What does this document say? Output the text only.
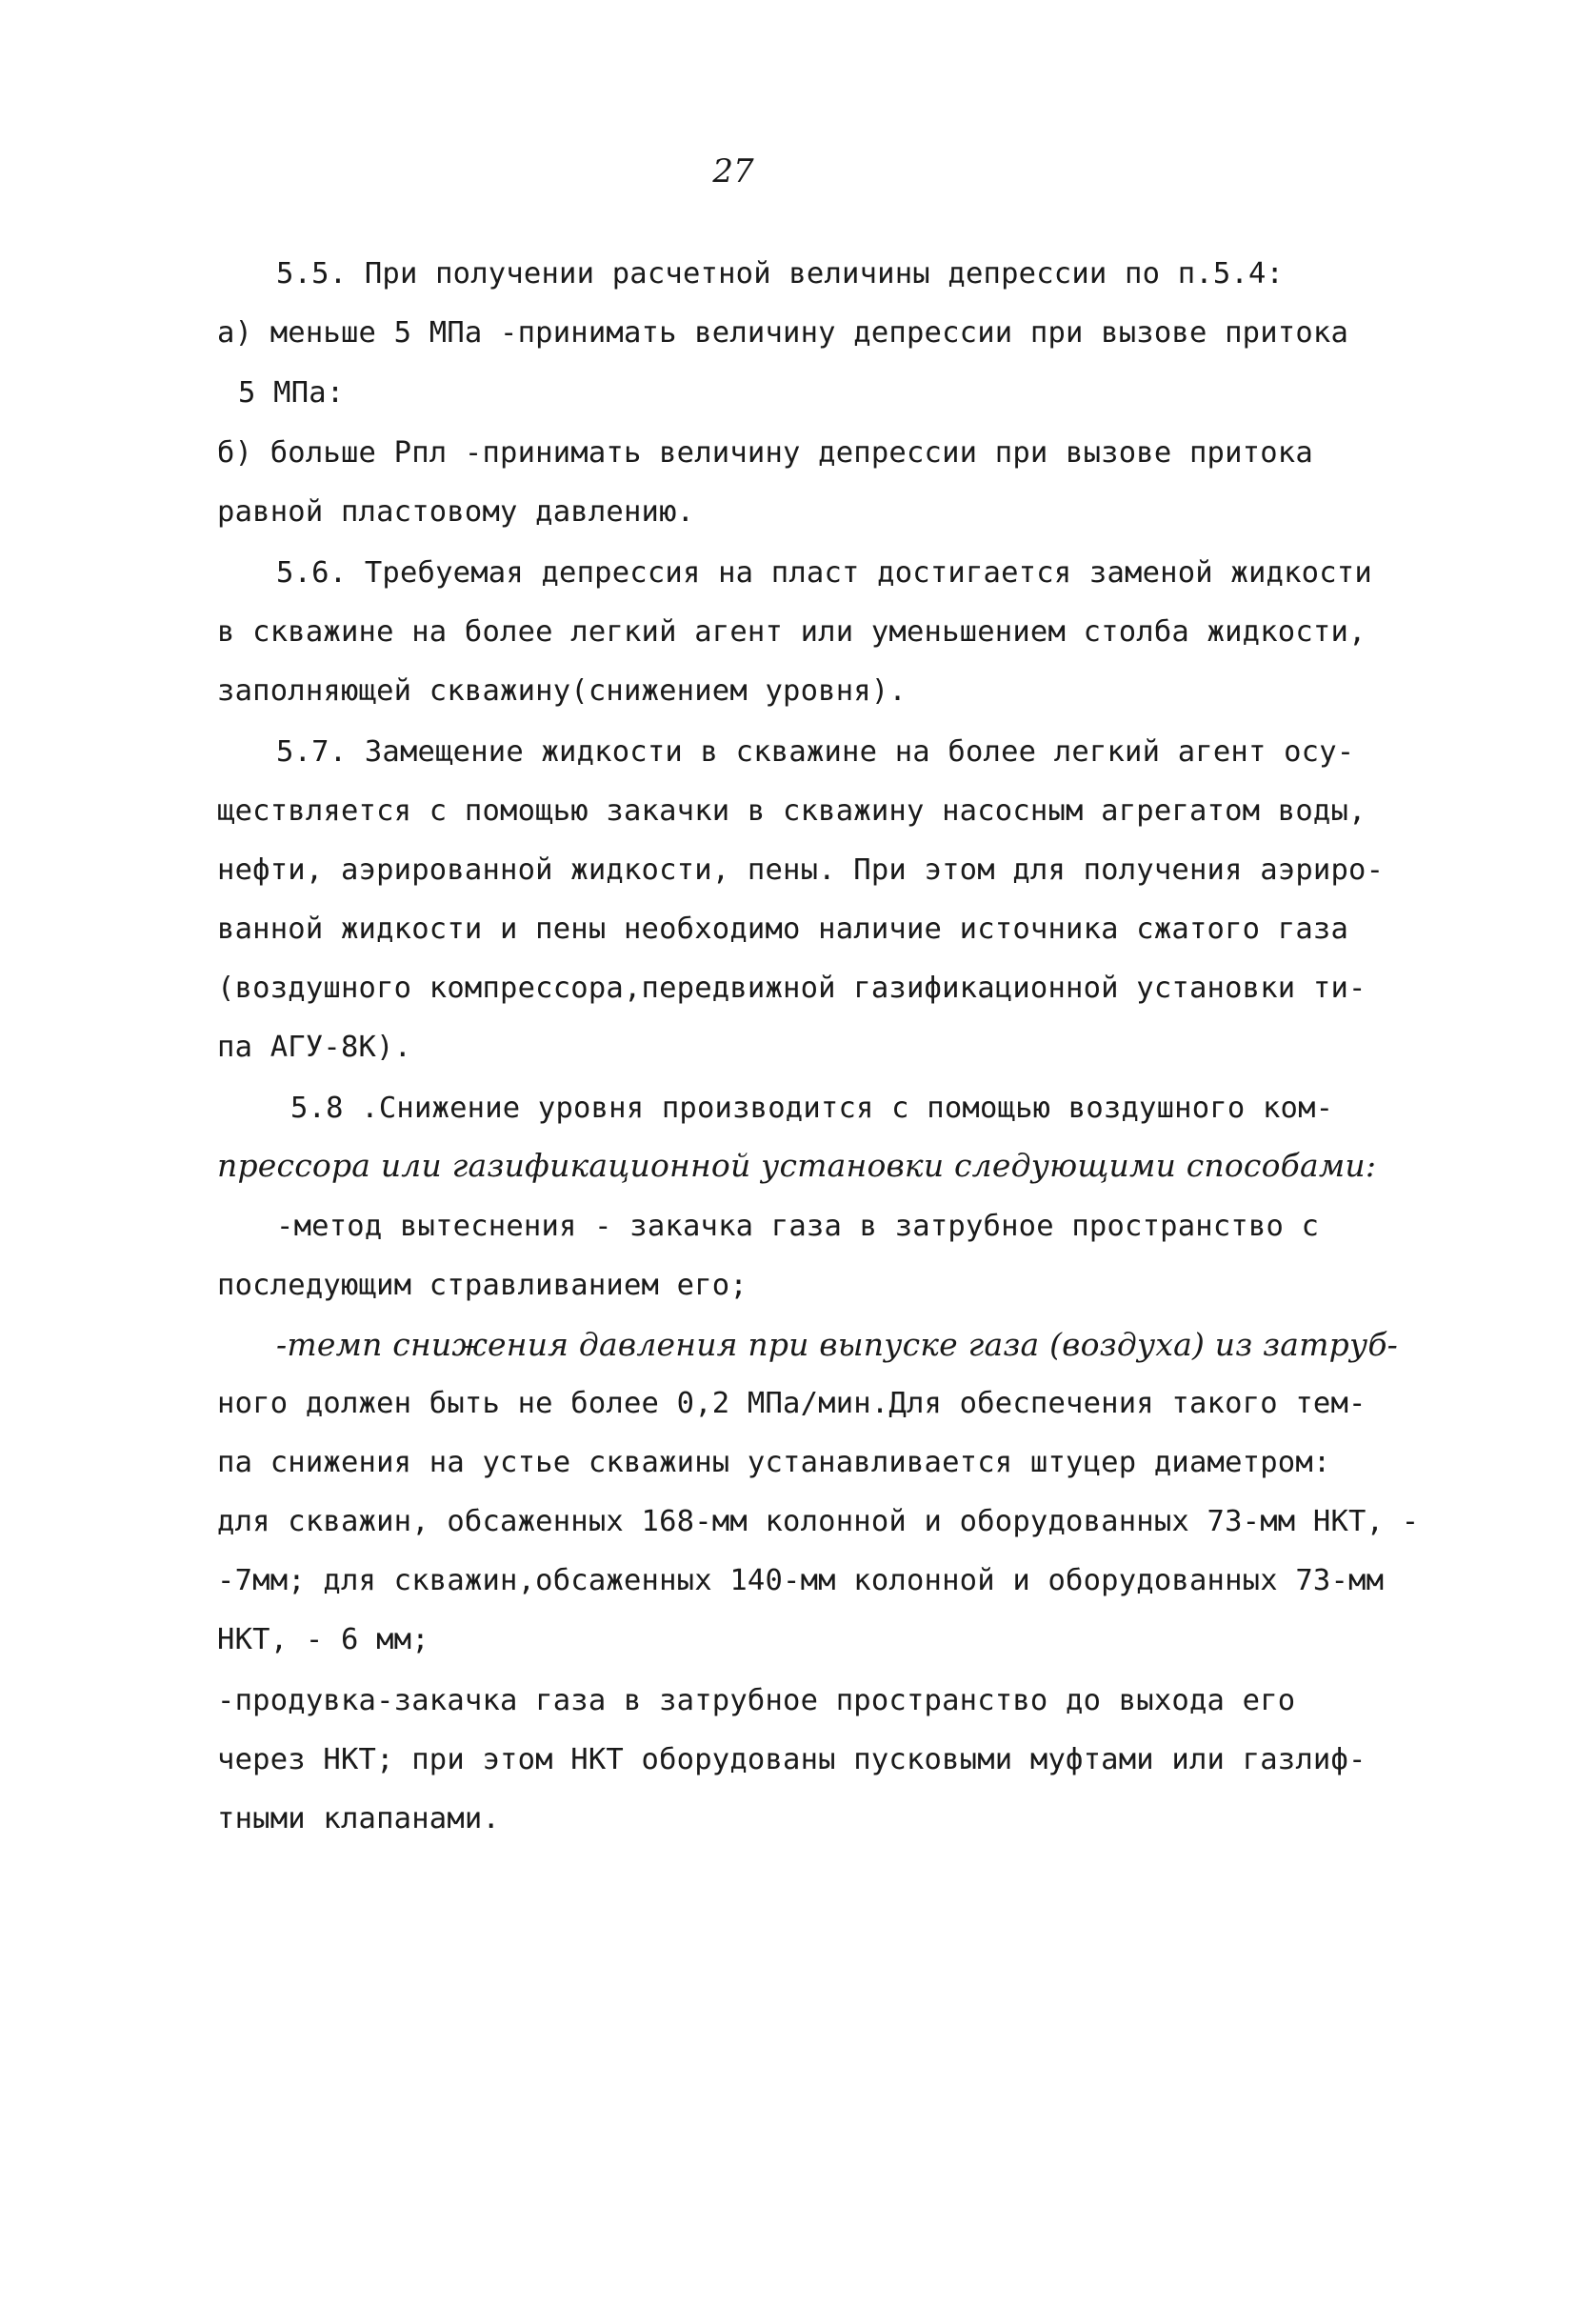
27
5.5. При получении расчетной величины депрессии по п.5.4:
а) меньше 5 МПа -принимать величину депрессии при вызове притока
5 МПа:
б) больше Рпл -принимать величину депрессии при вызове притока
равной пластовому давлению.
5.6. Требуемая депрессия на пласт достигается заменой жидкости
в скважине на более легкий агент или уменьшением столба жидкости,
заполняющей скважину(снижением уровня).
5.7. Замещение жидкости в скважине на более легкий агент осу-
ществляется с помощью закачки в скважину насосным агрегатом воды,
нефти, аэрированной жидкости, пены. При этом для получения аэриро-
ванной жидкости и пены необходимо наличие источника сжатого газа
(воздушного компрессора,передвижной газификационной установки ти-
па АГУ-8К).
5.8 .Снижение уровня производится с помощью воздушного ком-
прессора или газификационной установки следующими способами:
-метод вытеснения - закачка газа в затрубное пространство с
последующим стравливанием его;
-темп снижения давления при выпуске газа (воздуха) из затруб-
ного должен быть не более 0,2 МПа/мин.Для обеспечения такого тем-
па снижения на устье скважины устанавливается штуцер диаметром:
для скважин, обсаженных 168-мм колонной и оборудованных 73-мм НКТ, -
-7мм; для скважин,обсаженных 140-мм колонной и оборудованных 73-мм
НКТ, - 6 мм;
-продувка-закачка газа в затрубное пространство до выхода его
через НКТ; при этом НКТ оборудованы пусковыми муфтами или газлиф-
тными клапанами.
